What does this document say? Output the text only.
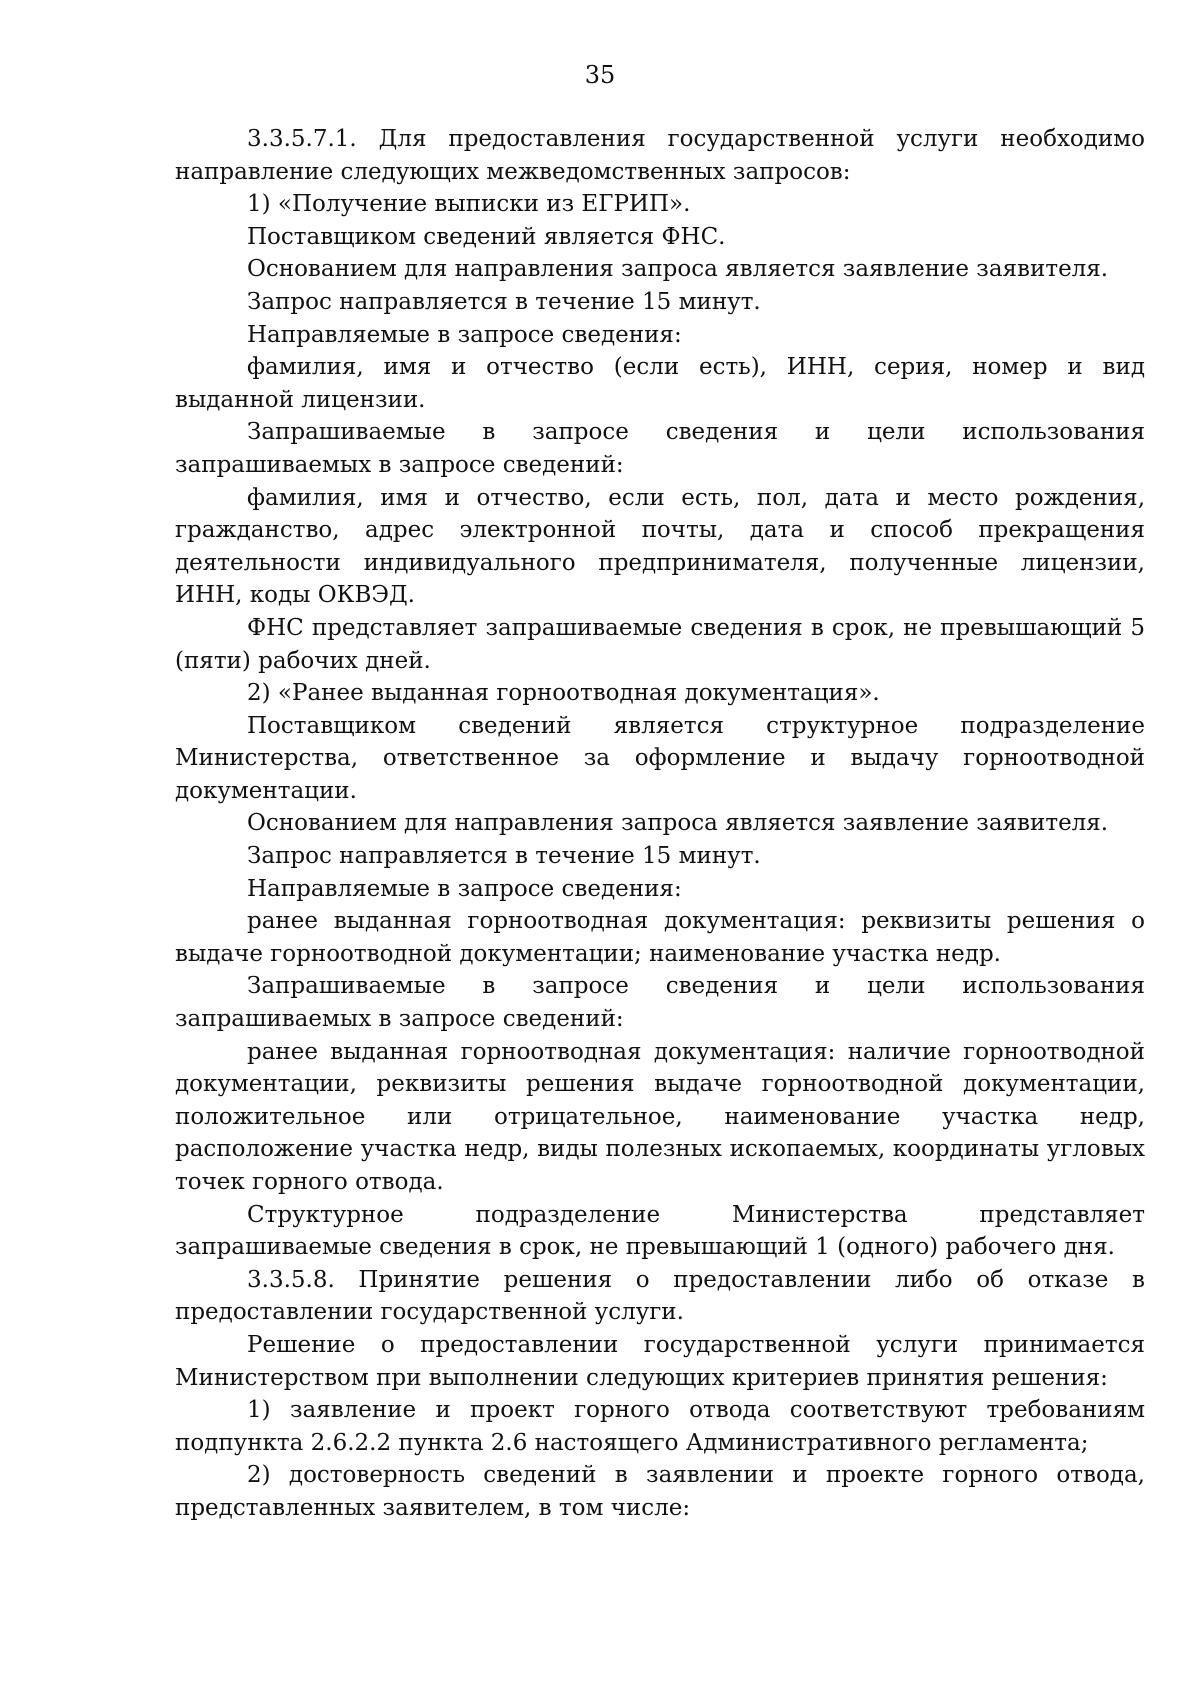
35

3.3.5.7.1. Для предоставления государственной услуги необходимо направление следующих межведомственных запросов:

1) «Получение выписки из ЕГРИП».

Поставщиком сведений является ФНС.

Основанием для направления запроса является заявление заявителя.

Запрос направляется в течение 15 минут.

Направляемые в запросе сведения:

фамилия, имя и отчество (если есть), ИНН, серия, номер и вид выданной лицензии.

Запрашиваемые в запросе сведения и цели использования запрашиваемых в запросе сведений:

фамилия, имя и отчество, если есть, пол, дата и место рождения, гражданство, адрес электронной почты, дата и способ прекращения деятельности индивидуального предпринимателя, полученные лицензии, ИНН, коды ОКВЭД.

ФНС представляет запрашиваемые сведения в срок, не превышающий 5 (пяти) рабочих дней.

2) «Ранее выданная горноотводная документация».

Поставщиком сведений является структурное подразделение Министерства, ответственное за оформление и выдачу горноотводной документации.

Основанием для направления запроса является заявление заявителя.

Запрос направляется в течение 15 минут.

Направляемые в запросе сведения:

ранее выданная горноотводная документация: реквизиты решения о выдаче горноотводной документации; наименование участка недр.

Запрашиваемые в запросе сведения и цели использования запрашиваемых в запросе сведений:

ранее выданная горноотводная документация: наличие горноотводной документации, реквизиты решения выдаче горноотводной документации, положительное или отрицательное, наименование участка недр, расположение участка недр, виды полезных ископаемых, координаты угловых точек горного отвода.

Структурное подразделение Министерства представляет запрашиваемые сведения в срок, не превышающий 1 (одного) рабочего дня.

3.3.5.8. Принятие решения о предоставлении либо об отказе в предоставлении государственной услуги.

Решение о предоставлении государственной услуги принимается Министерством при выполнении следующих критериев принятия решения:

1) заявление и проект горного отвода соответствуют требованиям подпункта 2.6.2.2 пункта 2.6 настоящего Административного регламента;

2) достоверность сведений в заявлении и проекте горного отвода, представленных заявителем, в том числе:
